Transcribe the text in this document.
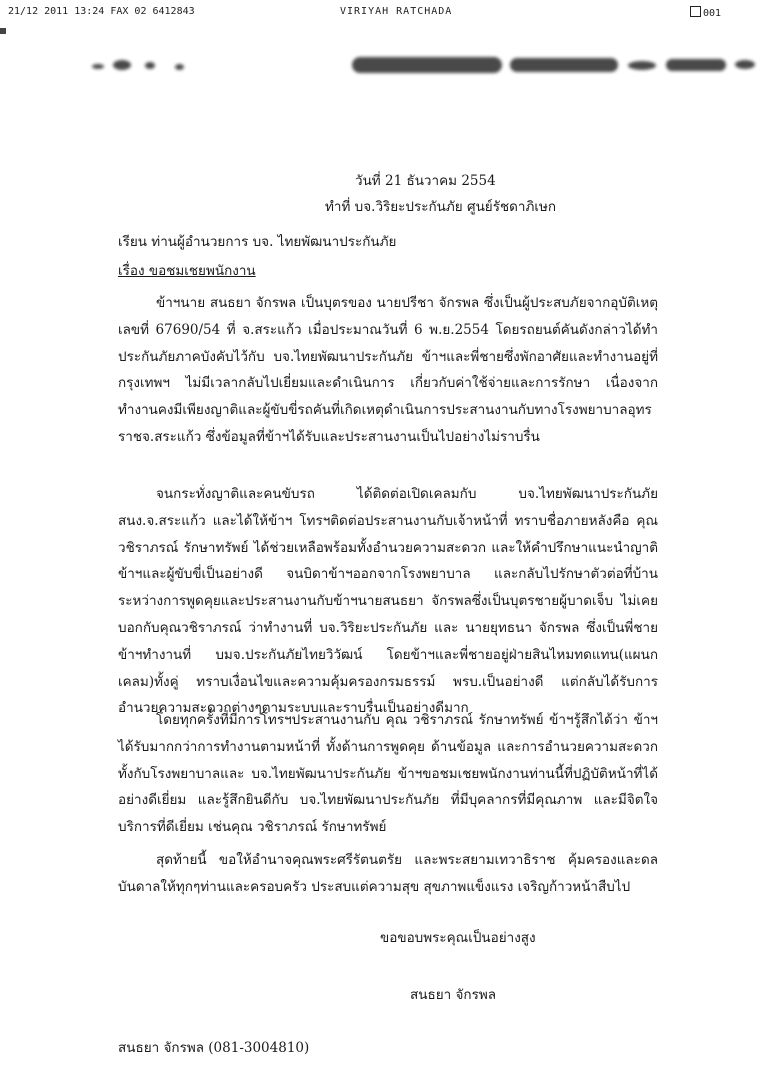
21/12 2011 13:24 FAX 02 6412843	VIRIYAH RATCHADA	001
วันที่ 21 ธันวาคม 2554
ทำที่ บจ.วิริยะประกันภัย ศูนย์รัชดาภิเษก
เรียน ท่านผู้อำนวยการ บจ. ไทยพัฒนาประกันภัย
เรื่อง ขอชมเชยพนักงาน
ข้าฯนาย สนธยา จักรพล เป็นบุตรของ นายปรีชา จักรพล ซึ่งเป็นผู้ประสบภัยจากอุบัติเหตุ เลขที่ 67690/54 ที่ จ.สระแก้ว เมื่อประมาณวันที่ 6 พ.ย.2554 โดยรถยนต์คันดังกล่าวได้ทำประกันภัยภาคบังคับไว้กับ บจ.ไทยพัฒนาประกันภัย ข้าฯและพี่ชายซึ่งพักอาศัยและทำงานอยู่ที่กรุงเทพฯ ไม่มีเวลากลับไปเยี่ยมและดำเนินการ เกี่ยวกับค่าใช้จ่ายและการรักษา เนื่องจากทำงานคงมีเพียงญาติและผู้ขับขี่รถคันที่เกิดเหตุดำเนินการประสานงานกับทางโรงพยาบาลอุทรราชจ.สระแก้ว ซึ่งข้อมูลที่ข้าฯได้รับและประสานงานเป็นไปอย่างไม่ราบรื่น
จนกระทั่งญาติและคนขับรถ ได้ติดต่อเปิดเคลมกับ บจ.ไทยพัฒนาประกันภัย สนง.จ.สระแก้ว และได้ให้ข้าฯ โทรฯติดต่อประสานงานกับเจ้าหน้าที่ ทราบชื่อภายหลังคือ คุณ วชิราภรณ์ รักษาทรัพย์ ได้ช่วยเหลือพร้อมทั้งอำนวยความสะดวก และให้คำปรึกษาแนะนำญาติข้าฯและผู้ขับขี่เป็นอย่างดี จนบิดาข้าฯออกจากโรงพยาบาล และกลับไปรักษาตัวต่อที่บ้าน ระหว่างการพูดคุยและประสานงานกับข้าฯนายสนธยา จักรพลซึ่งเป็นบุตรชายผู้บาดเจ็บ ไม่เคยบอกกับคุณวชิราภรณ์ ว่าทำงานที่ บจ.วิริยะประกันภัย และ นายยุทธนา จักรพล ซึ่งเป็นพี่ชายข้าฯทำงานที่ บมจ.ประกันภัยไทยวิวัฒน์ โดยข้าฯและพี่ชายอยู่ฝ่ายสินไหมทดแทน(แผนกเคลม)ทั้งคู่ ทราบเงื่อนไขและความคุ้มครองกรมธรรม์ พรบ.เป็นอย่างดี แต่กลับได้รับการอำนวยความสะดวกต่างๆตามระบบและราบรื่นเป็นอย่างดีมาก
โดยทุกครั้งที่มีการโทรฯประสานงานกับ คุณ วชิราภรณ์ รักษาทรัพย์ ข้าฯรู้สึกได้ว่า ข้าฯได้รับมากกว่าการทำงานตามหน้าที่ ทั้งด้านการพูดคุย ด้านข้อมูล และการอำนวยความสะดวก ทั้งกับโรงพยาบาลและ บจ.ไทยพัฒนาประกันภัย ข้าฯขอชมเชยพนักงานท่านนี้ที่ปฏิบัติหน้าที่ได้อย่างดีเยี่ยม และรู้สึกยินดีกับ บจ.ไทยพัฒนาประกันภัย ที่มีบุคลากรที่มีคุณภาพ และมีจิตใจบริการที่ดีเยี่ยม เช่นคุณ วชิราภรณ์ รักษาทรัพย์
สุดท้ายนี้ ขอให้อำนาจคุณพระศรีรัตนตรัย และพระสยามเทวาธิราช คุ้มครองและดลบันดาลให้ทุกๆท่านและครอบครัว ประสบแต่ความสุข สุขภาพแข็งแรง เจริญก้าวหน้าสืบไป
ขอขอบพระคุณเป็นอย่างสูง
สนธยา จักรพล
สนธยา จักรพล (081-3004810)
